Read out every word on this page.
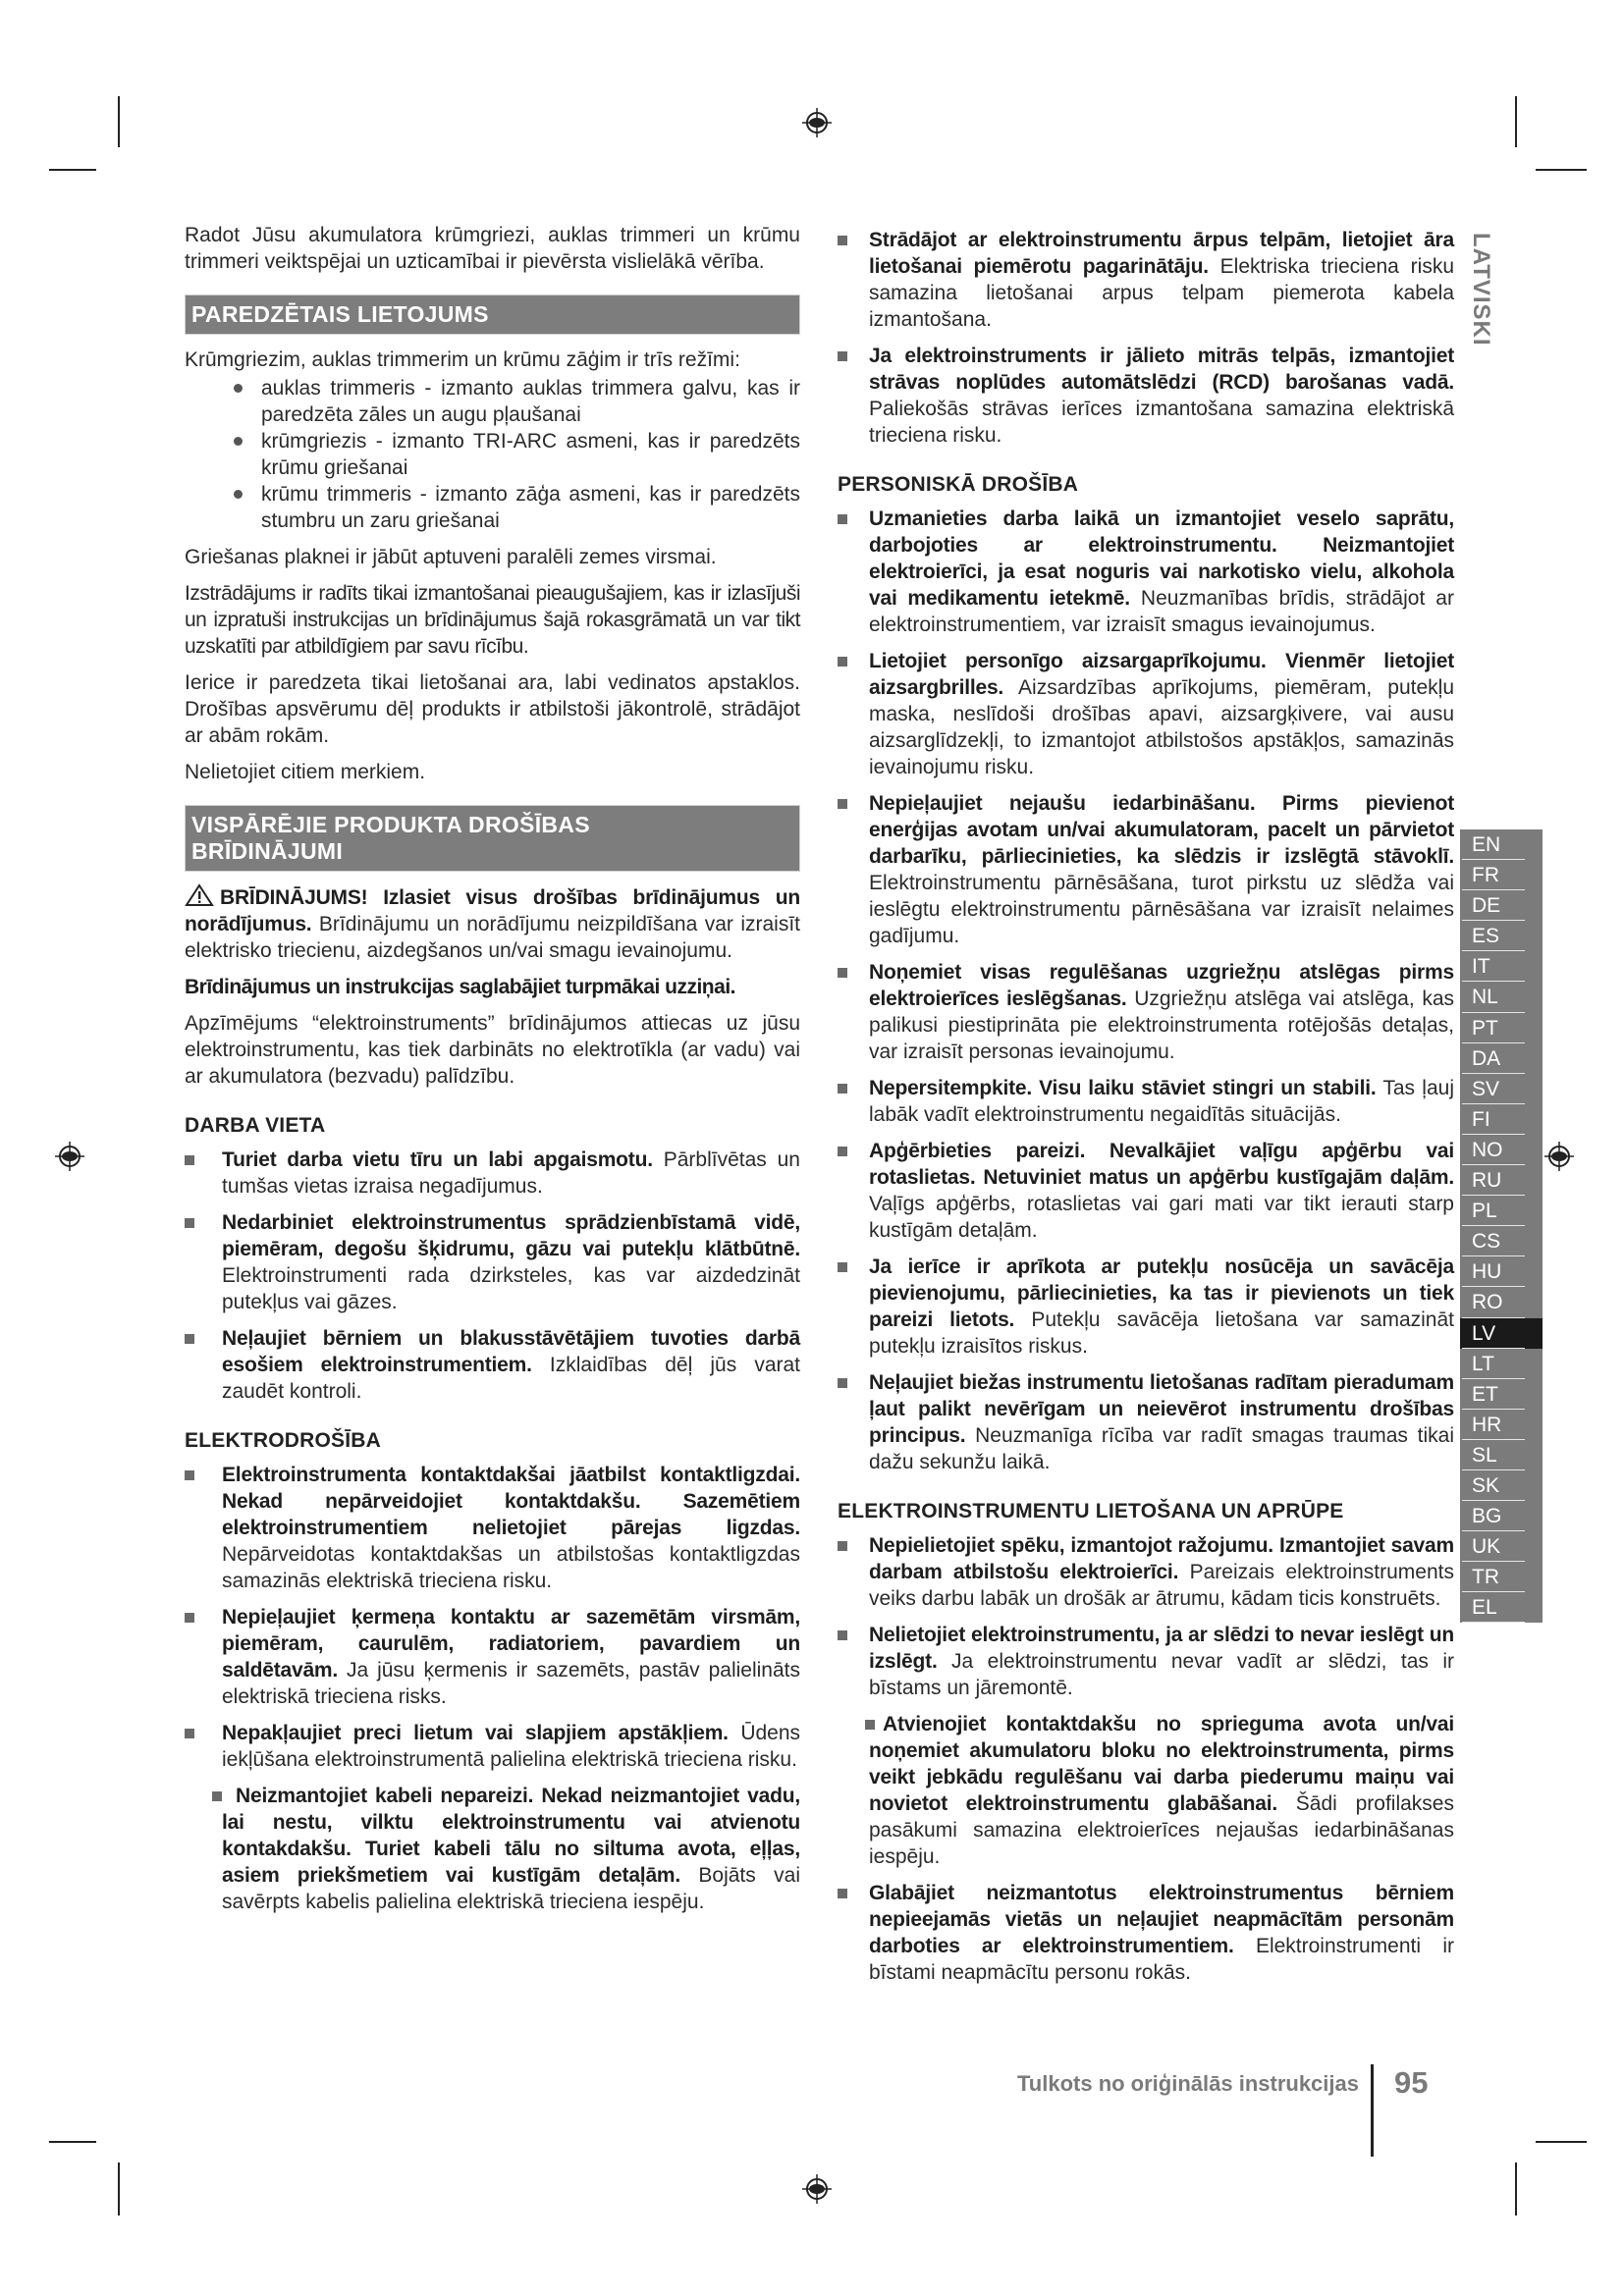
LATVISKI
EN
FR
DE
ES
IT
NL
PT
DA
SV
FI
NO
RU
PL
CS
HU
RO
LV
LT
ET
HR
SL
SK
BG
UK
TR
EL

Radot Jūsu akumulatora krūmgriezi, auklas trimmeri un krūmu trimmeri veiktspējai un uzticamībai ir pievērsta vislielākā vērība.

PAREDZĒTAIS LIETOJUMS

Krūmgriezim, auklas trimmerim un krūmu zāģim ir trīs režīmi:

auklas trimmeris - izmanto auklas trimmera galvu, kas ir paredzēta zāles un augu pļaušanai
krūmgriezis - izmanto TRI-ARC asmeni, kas ir paredzēts krūmu griešanai
krūmu trimmeris - izmanto zāģa asmeni, kas ir paredzēts stumbru un zaru griešanai

Griešanas plaknei ir jābūt aptuveni paralēli zemes virsmai.

Izstrādājums ir radīts tikai izmantošanai pieaugušajiem, kas ir izlasījuši un izpratuši instrukcijas un brīdinājumus šajā rokasgrāmatā un var tikt uzskatīti par atbildīgiem par savu rīcību.

Ierice ir paredzeta tikai lietošanai ara, labi vedinatos apstaklos. Drošības apsvērumu dēļ produkts ir atbilstoši jākontrolē, strādājot ar abām rokām.

Nelietojiet citiem merkiem.

VISPĀRĒJIE PRODUKTA DROŠĪBAS
BRĪDINĀJUMI

BRĪDINĀJUMS! Izlasiet visus drošības brīdinājumus un norādījumus. Brīdinājumu un norādījumu neizpildīšana var izraisīt elektrisko triecienu, aizdegšanos un/vai smagu ievainojumu.

Brīdinājumus un instrukcijas saglabājiet turpmākai uzziņai.

Apzīmējums “elektroinstruments” brīdinājumos attiecas uz jūsu elektroinstrumentu, kas tiek darbināts no elektrotīkla (ar vadu) vai ar akumulatora (bezvadu) palīdzību.

DARBA VIETA
Turiet darba vietu tīru un labi apgaismotu. Pārblīvētas un tumšas vietas izraisa negadījumus.
Nedarbiniet elektroinstrumentus sprādzienbīstamā vidē, piemēram, degošu šķidrumu, gāzu vai putekļu klātbūtnē. Elektroinstrumenti rada dzirksteles, kas var aizdedzināt putekļus vai gāzes.
Neļaujiet bērniem un blakusstāvētājiem tuvoties darbā esošiem elektroinstrumentiem. Izklaidības dēļ jūs varat zaudēt kontroli.
ELEKTRODROŠĪBA
Elektroinstrumenta kontaktdakšai jāatbilst kontaktligzdai. Nekad nepārveidojiet kontaktdakšu. Sazemētiem elektroinstrumentiem nelietojiet pārejas ligzdas. Nepārveidotas kontaktdakšas un atbilstošas kontaktligzdas samazinās elektriskā trieciena risku.
Nepieļaujiet ķermeņa kontaktu ar sazemētām virsmām, piemēram, caurulēm, radiatoriem, pavardiem un saldētavām. Ja jūsu ķermenis ir sazemēts, pastāv palielināts elektriskā trieciena risks.
Nepakļaujiet preci lietum vai slapjiem apstākļiem. Ūdens iekļūšana elektroinstrumentā palielina elektriskā trieciena risku.
Neizmantojiet kabeli nepareizi. Nekad neizmantojiet vadu, lai nestu, vilktu elektroinstrumentu vai atvienotu kontakdakšu. Turiet kabeli tālu no siltuma avota, eļļas, asiem priekšmetiem vai kustīgām detaļām. Bojāts vai savērpts kabelis palielina elektriskā trieciena iespēju.
Strādājot ar elektroinstrumentu ārpus telpām, lietojiet āra lietošanai piemērotu pagarinātāju. Elektriska trieciena risku samazina lietošanai arpus telpam piemerota kabela izmantošana.
Ja elektroinstruments ir jālieto mitrās telpās, izmantojiet strāvas noplūdes automātslēdzi (RCD) barošanas vadā. Paliekošās strāvas ierīces izmantošana samazina elektriskā trieciena risku.
PERSONISKĀ DROŠĪBA
Uzmanieties darba laikā un izmantojiet veselo saprātu, darbojoties ar elektroinstrumentu. Neizmantojiet elektroierīci, ja esat noguris vai narkotisko vielu, alkohola vai medikamentu ietekmē. Neuzmanības brīdis, strādājot ar elektroinstrumentiem, var izraisīt smagus ievainojumus.
Lietojiet personīgo aizsargaprīkojumu. Vienmēr lietojiet aizsargbrilles. Aizsardzības aprīkojums, piemēram, putekļu maska, neslīdoši drošības apavi, aizsargķivere, vai ausu aizsarglīdzekļi, to izmantojot atbilstošos apstākļos, samazinās ievainojumu risku.
Nepieļaujiet nejaušu iedarbināšanu. Pirms pievienot enerģijas avotam un/vai akumulatoram, pacelt un pārvietot darbarīku, pārliecinieties, ka slēdzis ir izslēgtā stāvoklī. Elektroinstrumentu pārnēsāšana, turot pirkstu uz slēdža vai ieslēgtu elektroinstrumentu pārnēsāšana var izraisīt nelaimes gadījumu.
Noņemiet visas regulēšanas uzgriežņu atslēgas pirms elektroierīces ieslēgšanas. Uzgriežņu atslēga vai atslēga, kas palikusi piestiprināta pie elektroinstrumenta rotējošās detaļas, var izraisīt personas ievainojumu.
Nepersitempkite. Visu laiku stāviet stingri un stabili. Tas ļauj labāk vadīt elektroinstrumentu negaidītās situācijās.
Apģērbieties pareizi. Nevalkājiet vaļīgu apģērbu vai rotaslietas. Netuviniet matus un apģērbu kustīgajām daļām. Vaļīgs apģērbs, rotaslietas vai gari mati var tikt ierauti starp kustīgām detaļām.
Ja ierīce ir aprīkota ar putekļu nosūcēja un savācēja pievienojumu, pārliecinieties, ka tas ir pievienots un tiek pareizi lietots. Putekļu savācēja lietošana var samazināt putekļu izraisītos riskus.
Neļaujiet biežas instrumentu lietošanas radītam pieradumam ļaut palikt nevērīgam un neievērot instrumentu drošības principus. Neuzmanīga rīcība var radīt smagas traumas tikai dažu sekunžu laikā.
ELEKTROINSTRUMENTU LIETOŠANA UN APRŪPE
Nepielietojiet spēku, izmantojot ražojumu. Izmantojiet savam darbam atbilstošu elektroierīci. Pareizais elektroinstruments veiks darbu labāk un drošāk ar ātrumu, kādam ticis konstruēts.
Nelietojiet elektroinstrumentu, ja ar slēdzi to nevar ieslēgt un izslēgt. Ja elektroinstrumentu nevar vadīt ar slēdzi, tas ir bīstams un jāremontē.
Atvienojiet kontaktdakšu no sprieguma avota un/vai noņemiet akumulatoru bloku no elektroinstrumenta, pirms veikt jebkādu regulēšanu vai darba piederumu maiņu vai novietot elektroinstrumentu glabāšanai. Šādi profilakses pasākumi samazina elektroierīces nejaušas iedarbināšanas iespēju.
Glabājiet neizmantotus elektroinstrumentus bērniem nepieejamās vietās un neļaujiet neapmācītām personām darboties ar elektroinstrumentiem. Elektroinstrumenti ir bīstami neapmācītu personu rokās.
Tulkots no oriģinālās instrukcijas 95
